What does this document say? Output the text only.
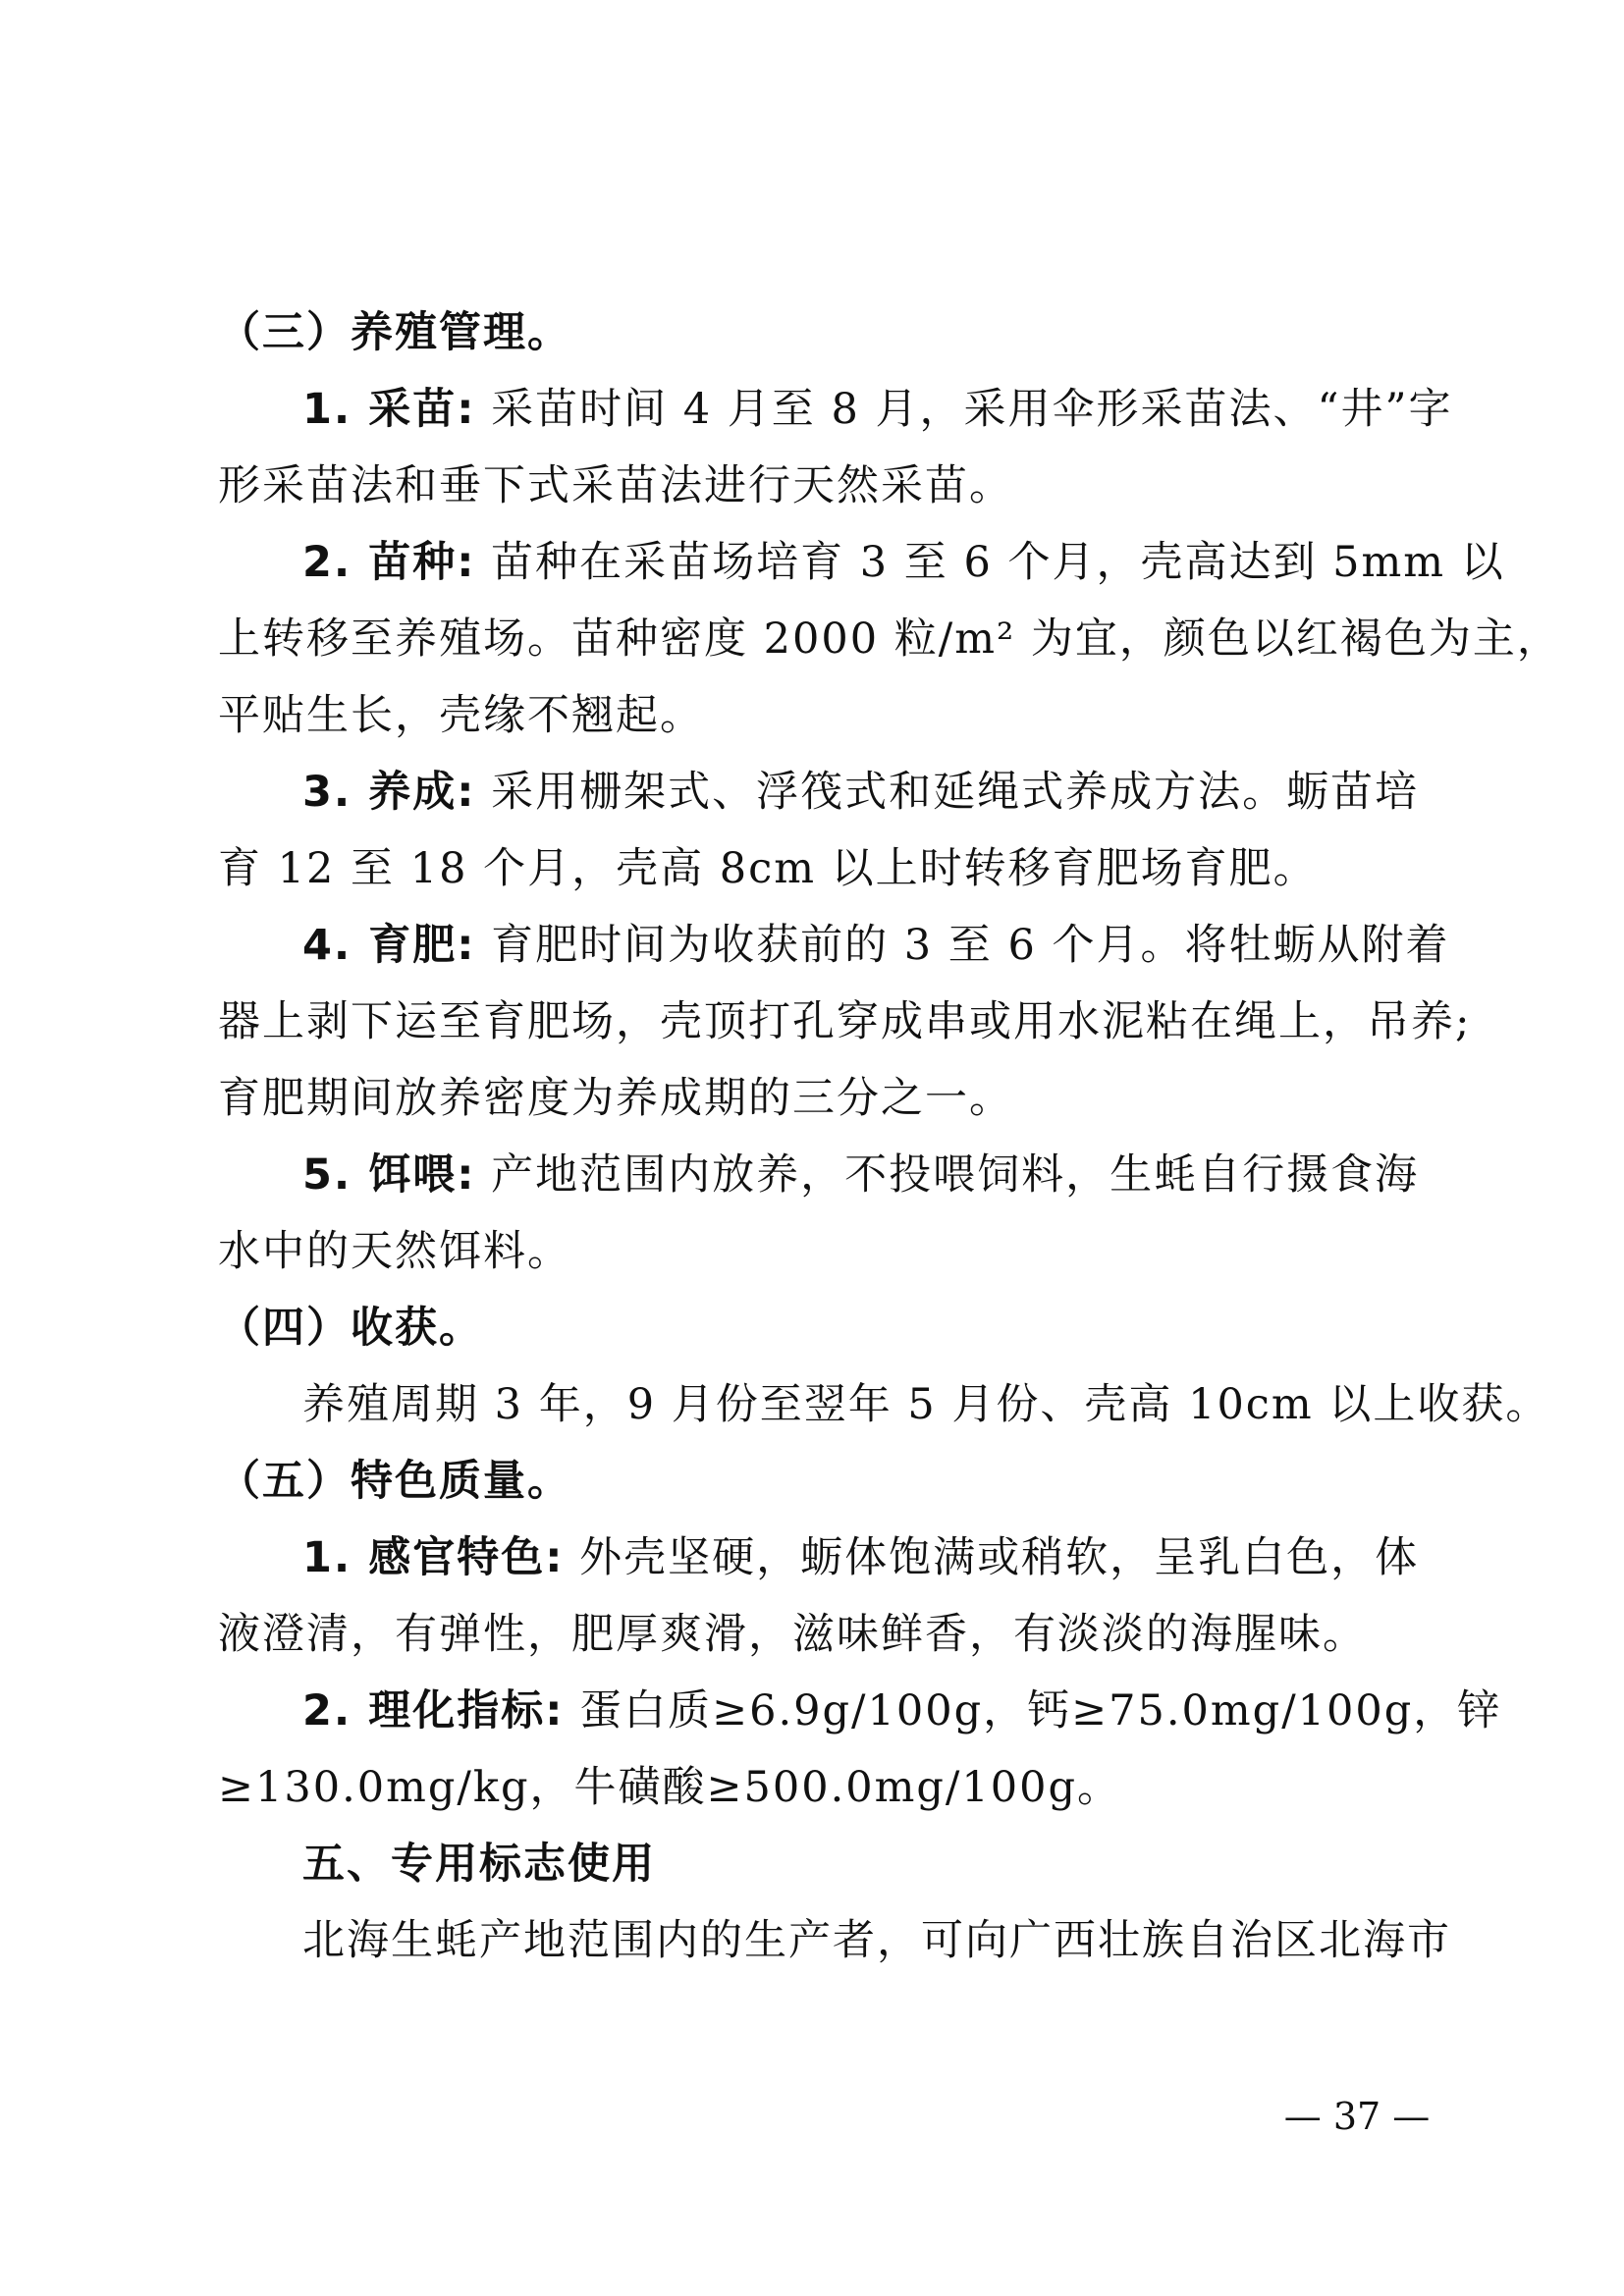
（三）养殖管理。
1. 采苗: 采苗时间 4 月至 8 月，采用伞形采苗法、“井”字
形采苗法和垂下式采苗法进行天然采苗。
2. 苗种: 苗种在采苗场培育 3 至 6 个月，壳高达到 5mm 以
上转移至养殖场。苗种密度 2000 粒/m² 为宜，颜色以红褐色为主，
平贴生长，壳缘不翘起。
3. 养成: 采用栅架式、浮筏式和延绳式养成方法。蛎苗培
育 12 至 18 个月，壳高 8cm 以上时转移育肥场育肥。
4. 育肥: 育肥时间为收获前的 3 至 6 个月。将牡蛎从附着
器上剥下运至育肥场，壳顶打孔穿成串或用水泥粘在绳上，吊养;
育肥期间放养密度为养成期的三分之一。
5. 饵喂: 产地范围内放养，不投喂饲料，生蚝自行摄食海
水中的天然饵料。
（四）收获。
养殖周期 3 年，9 月份至翌年 5 月份、壳高 10cm 以上收获。
（五）特色质量。
1. 感官特色: 外壳坚硬，蛎体饱满或稍软，呈乳白色，体
液澄清，有弹性，肥厚爽滑，滋味鲜香，有淡淡的海腥味。
2. 理化指标: 蛋白质≥6.9g/100g，钙≥75.0mg/100g，锌
≥130.0mg/kg，牛磺酸≥500.0mg/100g。
五、专用标志使用
北海生蚝产地范围内的生产者，可向广西壮族自治区北海市
— 37 —
